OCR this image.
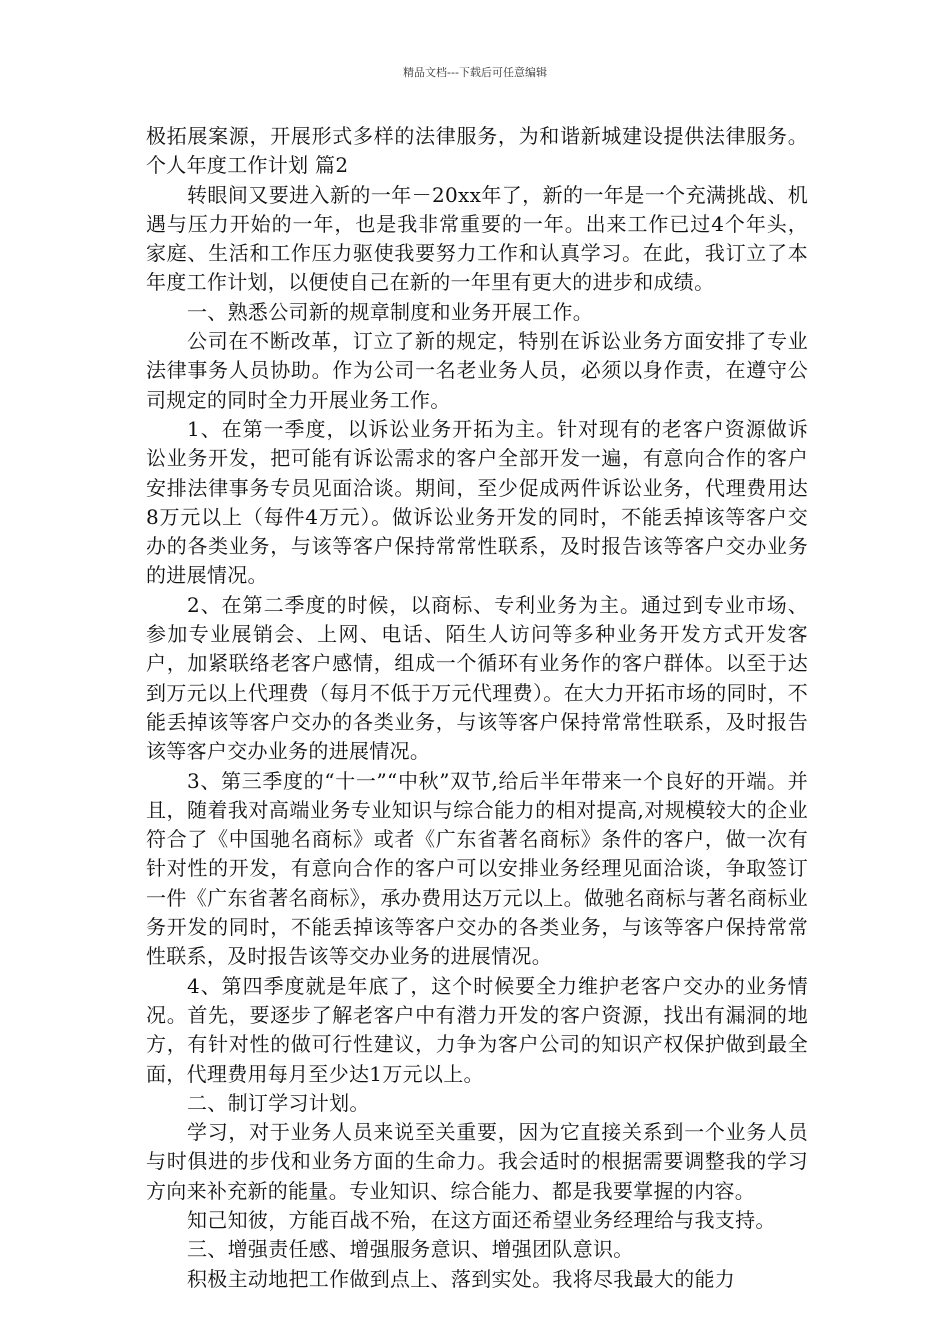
精品文档---下载后可任意编辑

极拓展案源，开展形式多样的法律服务，为和谐新城建设提供法律服务。个人年度工作计划 篇2

转眼间又要进入新的一年－20xx年了，新的一年是一个充满挑战、机遇与压力开始的一年，也是我非常重要的一年。出来工作已过4个年头，家庭、生活和工作压力驱使我要努力工作和认真学习。在此，我订立了本年度工作计划，以便使自己在新的一年里有更大的进步和成绩。

一、熟悉公司新的规章制度和业务开展工作。

公司在不断改革，订立了新的规定，特别在诉讼业务方面安排了专业法律事务人员协助。作为公司一名老业务人员，必须以身作责，在遵守公司规定的同时全力开展业务工作。

1、在第一季度，以诉讼业务开拓为主。针对现有的老客户资源做诉讼业务开发，把可能有诉讼需求的客户全部开发一遍，有意向合作的客户安排法律事务专员见面洽谈。期间，至少促成两件诉讼业务，代理费用达8万元以上（每件4万元）。做诉讼业务开发的同时，不能丢掉该等客户交办的各类业务，与该等客户保持常常性联系，及时报告该等客户交办业务的进展情况。

2、在第二季度的时候，以商标、专利业务为主。通过到专业市场、参加专业展销会、上网、电话、陌生人访问等多种业务开发方式开发客户，加紧联络老客户感情，组成一个循环有业务作的客户群体。以至于达到万元以上代理费（每月不低于万元代理费）。在大力开拓市场的同时，不能丢掉该等客户交办的各类业务，与该等客户保持常常性联系，及时报告该等客户交办业务的进展情况。

3、第三季度的“十一”“中秋”双节,给后半年带来一个良好的开端。并且，随着我对高端业务专业知识与综合能力的相对提高,对规模较大的企业符合了《中国驰名商标》或者《广东省著名商标》条件的客户，做一次有针对性的开发，有意向合作的客户可以安排业务经理见面洽谈，争取签订一件《广东省著名商标》，承办费用达万元以上。做驰名商标与著名商标业务开发的同时，不能丢掉该等客户交办的各类业务，与该等客户保持常常性联系，及时报告该等交办业务的进展情况。

4、第四季度就是年底了，这个时候要全力维护老客户交办的业务情况。首先，要逐步了解老客户中有潜力开发的客户资源，找出有漏洞的地方，有针对性的做可行性建议，力争为客户公司的知识产权保护做到最全面，代理费用每月至少达1万元以上。

二、制订学习计划。

学习，对于业务人员来说至关重要，因为它直接关系到一个业务人员与时俱进的步伐和业务方面的生命力。我会适时的根据需要调整我的学习方向来补充新的能量。专业知识、综合能力、都是我要掌握的内容。

知己知彼，方能百战不殆，在这方面还希望业务经理给与我支持。

三、增强责任感、增强服务意识、增强团队意识。

积极主动地把工作做到点上、落到实处。我将尽我最大的能力
